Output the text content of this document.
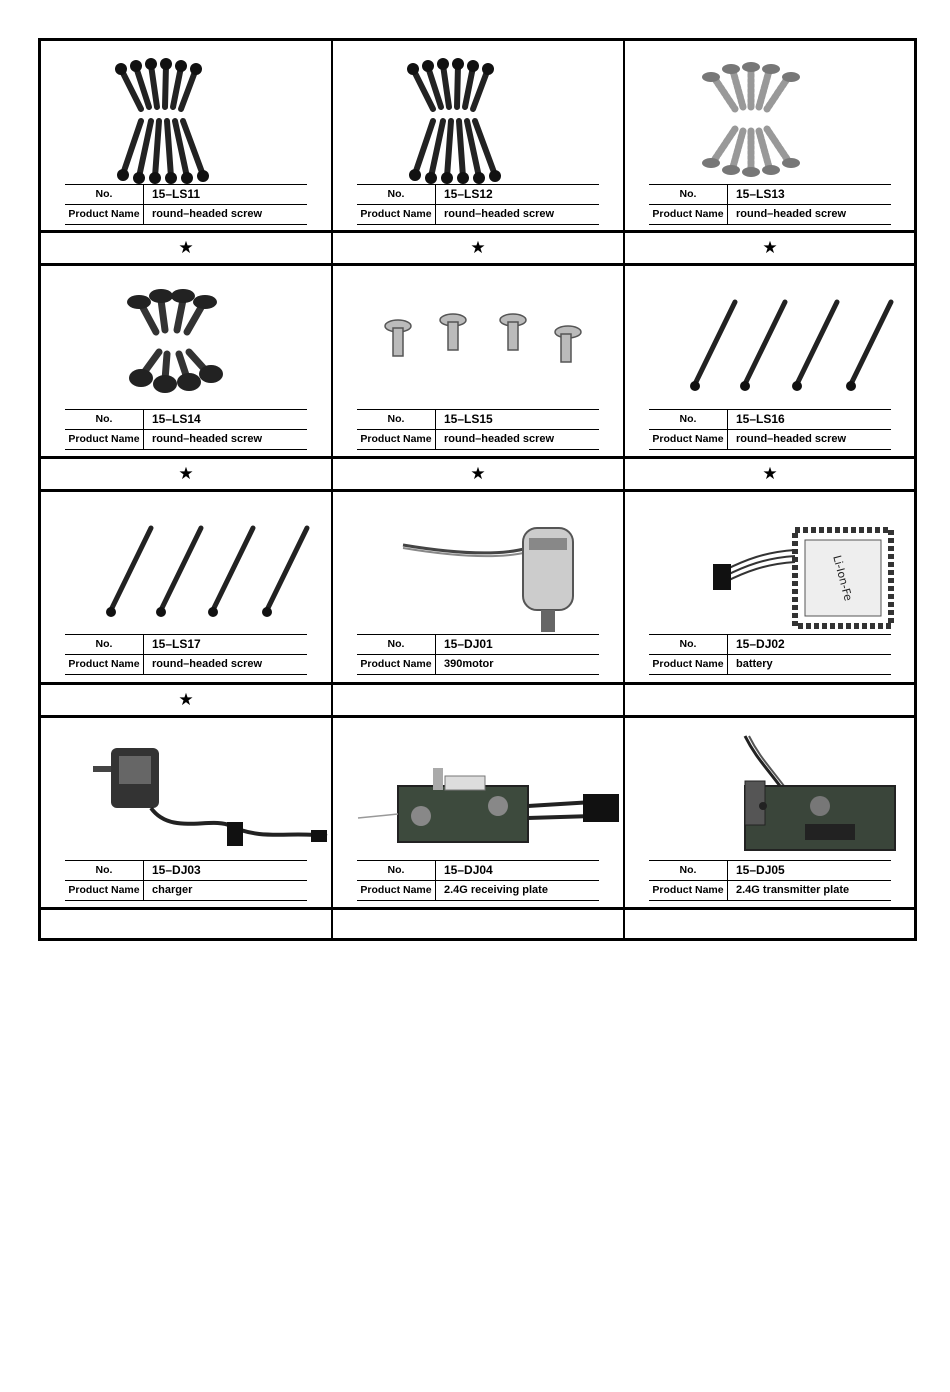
No.	15–LS11
Product Name	round–headed screw
★
No.	15–LS12
Product Name	round–headed screw
★
No.	15–LS13
Product Name	round–headed screw
★
No.	15–LS14
Product Name	round–headed screw
★
No.	15–LS15
Product Name	round–headed screw
★
No.	15–LS16
Product Name	round–headed screw
★
No.	15–LS17
Product Name	round–headed screw
★
No.	15–DJ01
Product Name	390motor
Li-Ion-Fe
No.	15–DJ02
Product Name	battery
No.	15–DJ03
Product Name	charger
No.	15–DJ04
Product Name	2.4G receiving plate
No.	15–DJ05
Product Name	2.4G transmitter plate
